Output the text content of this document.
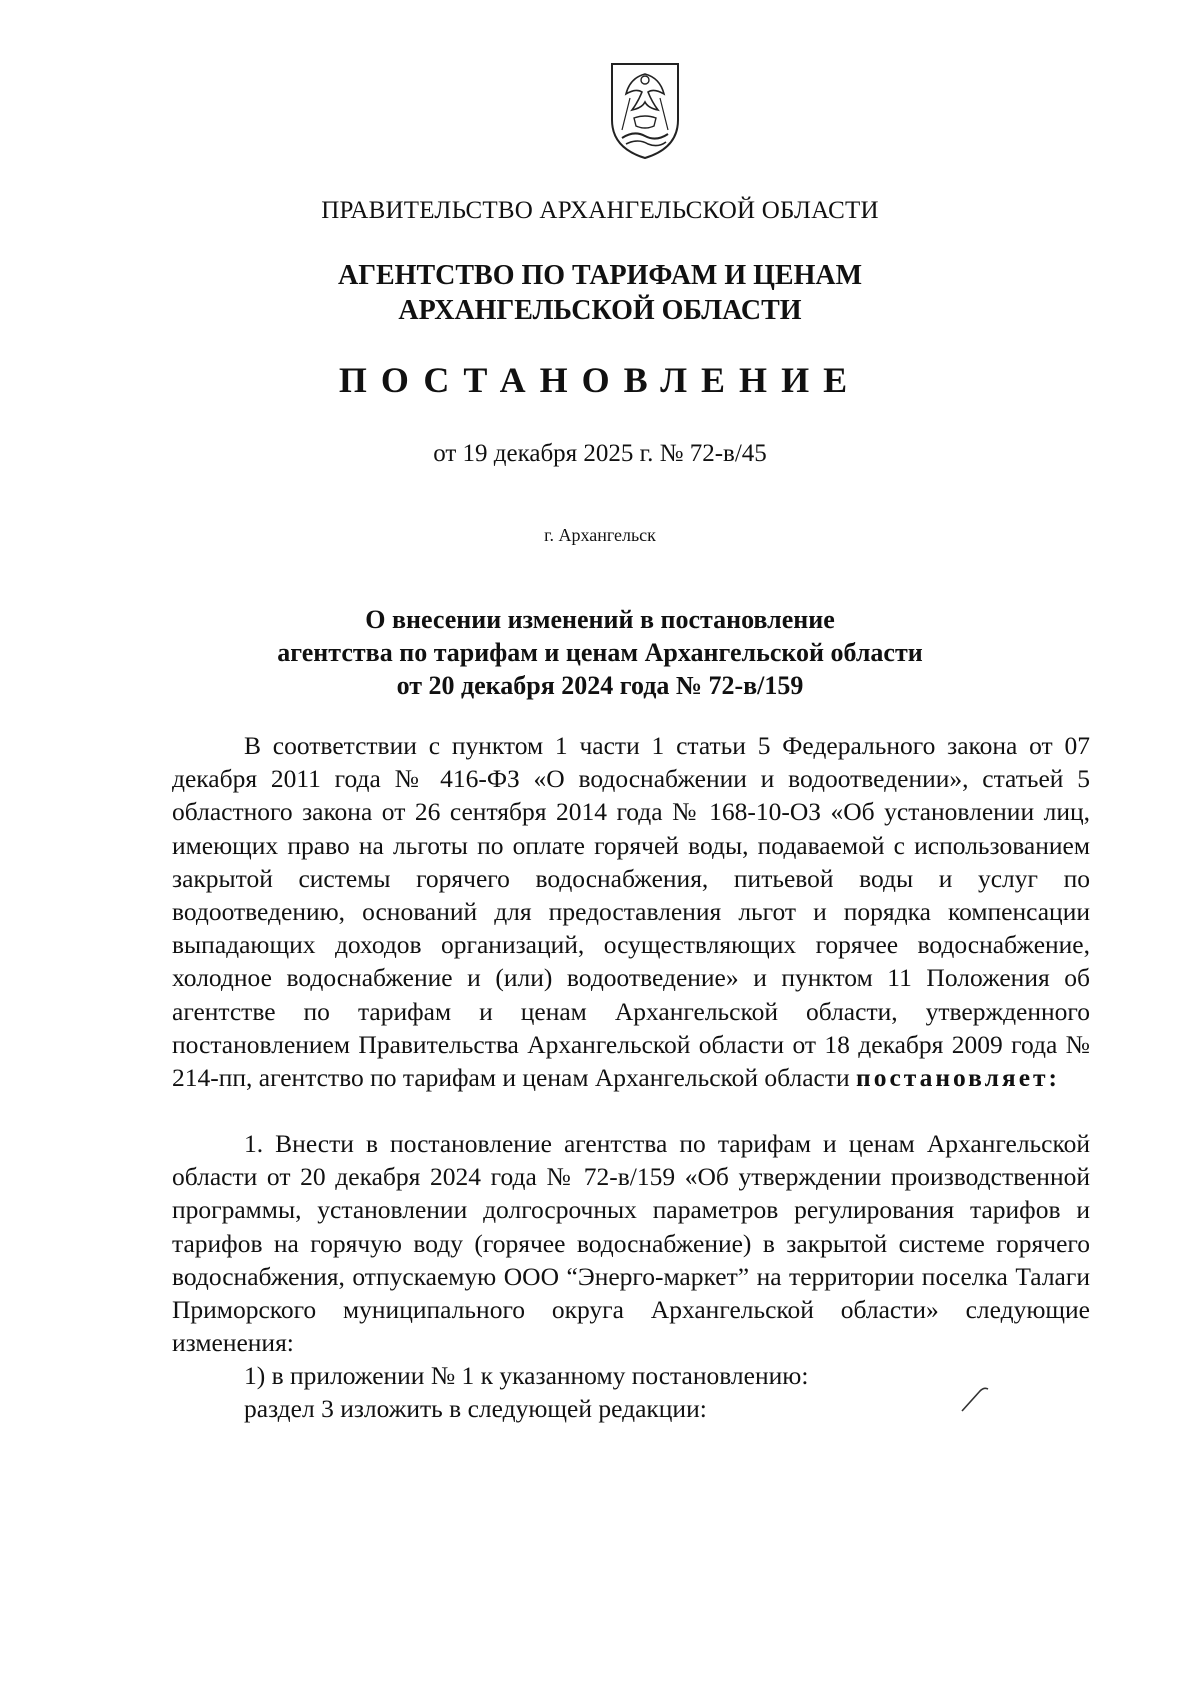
ПРАВИТЕЛЬСТВО АРХАНГЕЛЬСКОЙ ОБЛАСТИ
АГЕНТСТВО ПО ТАРИФАМ И ЦЕНАМ
АРХАНГЕЛЬСКОЙ ОБЛАСТИ
ПОСТАНОВЛЕНИЕ
от 19 декабря 2025 г. № 72-в/45
г. Архангельск
О внесении изменений в постановление
агентства по тарифам и ценам Архангельской области
от 20 декабря 2024 года № 72-в/159

В соответствии с пунктом 1 части 1 статьи 5 Федерального закона от 07 декабря 2011 года № 416-ФЗ «О водоснабжении и водоотведении», статьей 5 областного закона от 26 сентября 2014 года № 168-10-ОЗ «Об установлении лиц, имеющих право на льготы по оплате горячей воды, подаваемой с использованием закрытой системы горячего водоснабжения, питьевой воды и услуг по водоотведению, оснований для предоставления льгот и порядка компенсации выпадающих доходов организаций, осуществляющих горячее водоснабжение, холодное водоснабжение и (или) водоотведение» и пунктом 11 Положения об агентстве по тарифам и ценам Архангельской области, утвержденного постановлением Правительства Архангельской области от 18 декабря 2009 года № 214-пп, агентство по тарифам и ценам Архангельской области постановляет:

1. Внести в постановление агентства по тарифам и ценам Архангельской области от 20 декабря 2024 года № 72-в/159 «Об утверждении производственной программы, установлении долгосрочных параметров регулирования тарифов и тарифов на горячую воду (горячее водоснабжение) в закрытой системе горячего водоснабжения, отпускаемую ООО “Энерго-маркет” на территории поселка Талаги Приморского муниципального округа Архангельской области» следующие изменения:

1) в приложении № 1 к указанному постановлению:

раздел 3 изложить в следующей редакции:
